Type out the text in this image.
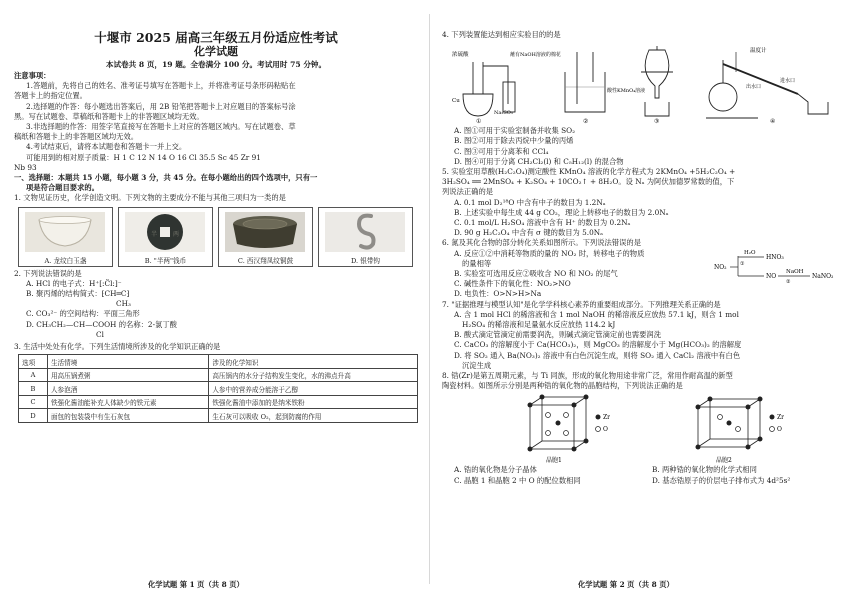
十堰市 2025 届高三年级五月份适应性考试
化学试题
本试卷共 8 页，19 题。全卷满分 100 分。考试用时 75 分钟。
注意事项：
1.答题前，先将自己的姓名、准考证号填写在答题卡上，并将准考证号条形码粘贴在
答题卡上的指定位置。
2.选择题的作答：每小题选出答案后，用 2B 铅笔把答题卡上对应题目的答案标号涂
黑。写在试题卷、草稿纸和答题卡上的非答题区域均无效。
3.非选择题的作答：用签字笔直接写在答题卡上对应的答题区域内。写在试题卷、草
稿纸和答题卡上的非答题区域均无效。
4.考试结束后，请将本试题卷和答题卡一并上交。
可能用到的相对原子质量：H 1 C 12 N 14 O 16 Cl 35.5 Sc 45 Zr 91
Nb 93
一、选择题：本题共 15 小题，每小题 3 分，共 45 分。在每小题给出的四个选项中，只有一
项是符合题目要求的。
1. 文物见证历史，化学创造文明。下列文物的主要成分不能与其他三项归为一类的是
A. 龙纹白玉盏
半	两
B. "半两"钱币	C. 西汉翔凤纹铜鼓	D. 银带钩
2. 下列说法错误的是
A. HCl 的电子式：H⁺[:C̈l:]⁻
B. 聚丙烯的结构简式：⁅CH═C⁆
CH₃
C. CO₃²⁻ 的空间结构：平面三角形
D. CH₃CH₂—CH—COOH 的名称：2-氯丁酸
Cl
3. 生活中处处有化学。下列生活情境所涉及的化学知识正确的是
选项	生活情境	涉及的化学知识
A	用高压锅煮粥	高压锅内的水分子结构发生变化，水的沸点升高
B	人参泡酒	人参中的营养成分能溶于乙醇
C	铁强化酱油能补充人体缺少的铁元素	铁强化酱油中添加的是纳米铁粉
D	面包的包装袋中有生石灰包	生石灰可以吸收 O₂，起到防腐的作用
化学试题 第 1 页（共 8 页）
4. 下列装置能达到相应实验目的的是
浓硫酸	蘸有NaOH溶液的棉花
Cu
Na₂SO₃
①
酸性KMnO₄溶液
②	③
温度计
出水口
进水口
④
A. 图①可用于实验室制备并收集 SO₂
B. 图②可用于除去丙烷中少量的丙烯
C. 图③可用于分离苯和 CCl₄
D. 图④可用于分离 CH₂Cl₂(l) 和 C₅H₁₂(l) 的混合物
5. 实验室用草酸(H₂C₂O₄)测定酸性 KMnO₄ 溶液的化学方程式为 2KMnO₄ +5H₂C₂O₄ +
3H₂SO₄ ══ 2MnSO₄ + K₂SO₄ + 10CO₂↑ + 8H₂O。设 Nₐ 为阿伏加德罗常数的值，下
列说法正确的是
A. 0.1 mol D₂¹⁸O 中含有中子的数目为 1.2Nₐ
B. 上述实验中每生成 44 g CO₂，理论上转移电子的数目为 2.0Nₐ
C. 0.1 mol/L H₂SO₄ 溶液中含有 H⁺ 的数目为 0.2Nₐ
D. 90 g H₂C₂O₄ 中含有 σ 键的数目为 5.0Nₐ
6. 氮及其化合物的部分转化关系如图所示。下列说法错误的是
A. 反应①②中消耗等物质的量的 NO₂ 时，转移电子的物质
的量相等
B. 实验室可选用反应②吸收含 NO 和 NO₂ 的尾气
C. 碱性条件下的氧化性：NO₂>NO
D. 电负性：O>N>H>Na
NO₂
H₂O
①
HNO₃
NO
NaOH
②
NaNO₂
7. "证据推理与模型认知"是化学学科核心素养的重要组成部分。下列推理关系正确的是
A. 含 1 mol HCl 的稀溶液和含 1 mol NaOH 的稀溶液反应放热 57.1 kJ，则含 1 mol
H₂SO₄ 的稀溶液和足量氨水反应放热 114.2 kJ
B. 酸式滴定管滴定前需要润洗，则碱式滴定管滴定前也需要润洗
C. CaCO₃ 的溶解度小于 Ca(HCO₃)₂，则 MgCO₃ 的溶解度小于 Mg(HCO₃)₂ 的溶解度
D. 将 SO₂ 通入 Ba(NO₃)₂ 溶液中有白色沉淀生成，则将 SO₂ 通入 CaCl₂ 溶液中有白色
沉淀生成
8. 锆(Zr)是第五周期元素，与 Ti 同族，形成的氧化物用途非常广泛，常用作耐高温的新型
陶瓷材料。如图所示分别是两种锆的氧化物的晶胞结构，下列说法正确的是
Zr
O
晶胞1
Zr
O
晶胞2
A. 锆的氧化物是分子晶体	B. 两种锆的氧化物的化学式相同
C. 晶胞 1 和晶胞 2 中 O 的配位数相同	D. 基态锆原子的价层电子排布式为 4d²5s²
化学试题 第 2 页（共 8 页）
